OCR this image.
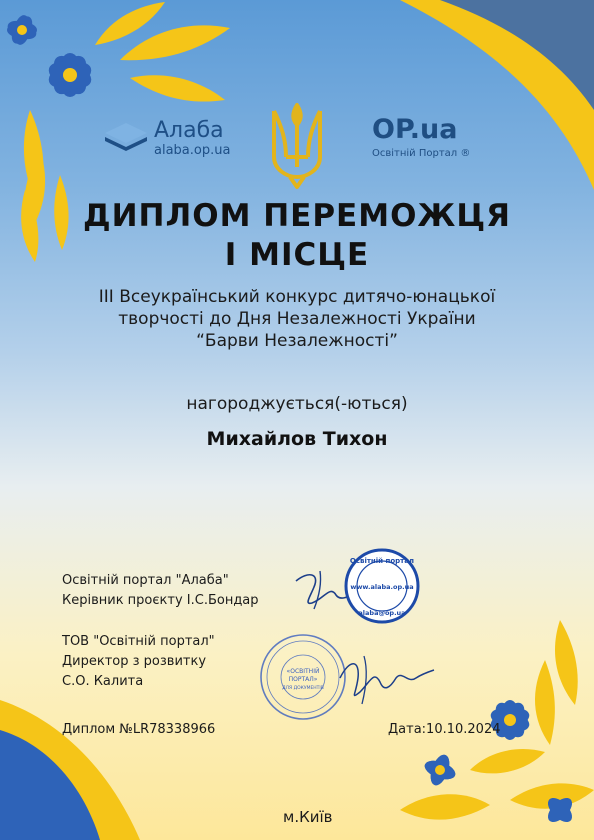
Алаба
alaba.op.ua
OP.ua
Освітній Портал ®
ДИПЛОМ ПЕРЕМОЖЦЯ
І МІСЦЕ
ІІІ Всеукраїнський конкурс дитячо-юнацької
творчості до Дня Незалежності України
“Барви Незалежності”
нагороджується(-ються)
Михайлов Тихон
Освітній портал "Алаба"
Керівник проєкту І.С.Бондар
ТОВ "Освітній портал"
Директор з розвитку
С.О. Калита
Освітній портал
www.alaba.op.ua
alaba@op.ua
«ОСВІТНІЙ
ПОРТАЛ»
ДЛЯ ДОКУМЕНТІВ
Диплом №LR78338966	Дата:10.10.2024
м.Київ
